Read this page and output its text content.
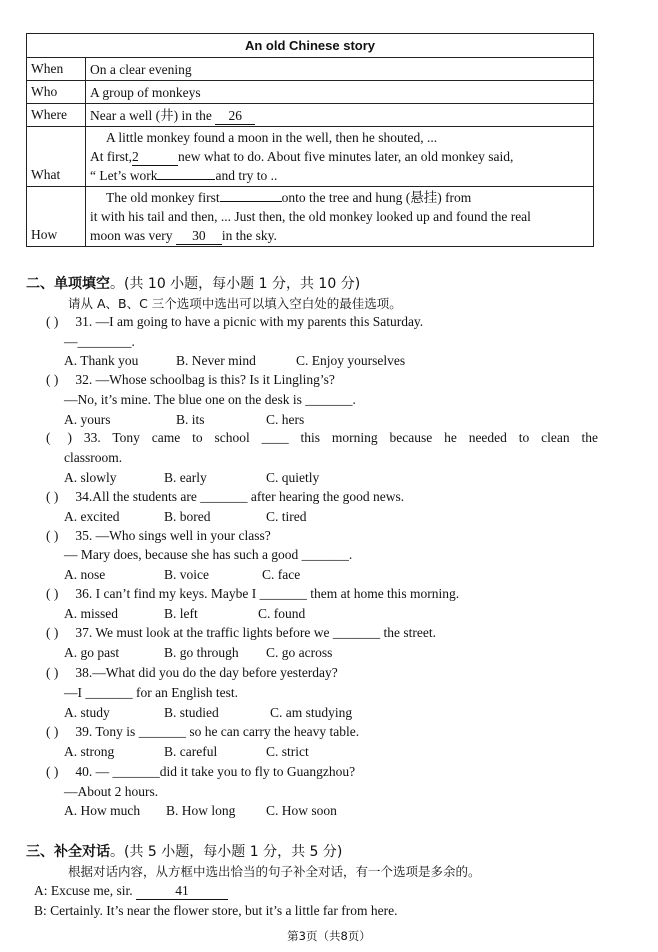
An old Chinese story	
When	On a clear evening
Who	A group of monkeys
Where	Near a well (井) in the 26
What	A little monkey found a moon in the well, then he shouted, ...
At first,2 new what to do. About five minutes later, an old monkey said,
“ Let’s work and try to ..

How	The old monkey first onto the tree and hung (悬挂) from
it with his tail and then, ... Just then, the old monkey looked up and found the real
moon was very 30 in the sky.
二、单项填空。(共 10 小题，每小题 1 分，共 10 分)
请从 A、B、C 三个选项中选出可以填入空白处的最佳选项。
( ) 31. —I am going to have a picnic with my parents this Saturday.
—________.
A. Thank you	B. Never mind	C. Enjoy yourselves
( ) 32. —Whose schoolbag is this? Is it Lingling’s?
—No, it’s mine. The blue one on the desk is _______.
A. yours	B. its	C. hers
( ) 33. Tony came to school ____ this morning because he needed to clean the
classroom.
A. slowly	B. early	C. quietly
( ) 34.All the students are _______ after hearing the good news.
A. excited	B. bored	C. tired
( ) 35. —Who sings well in your class?
— Mary does, because she has such a good _______.
A. nose	B. voice	C. face
( ) 36. I can’t find my keys. Maybe I _______ them at home this morning.
A. missed	B. left	C. found
( ) 37. We must look at the traffic lights before we _______ the street.
A. go past	B. go through C. go across
( ) 38.—What did you do the day before yesterday?
—I _______ for an English test.
A. study	B. studied	C. am studying
( ) 39. Tony is _______ so he can carry the heavy table.
A. strong	B. careful	C. strict
( ) 40. — _______did it take you to fly to Guangzhou?
—About 2 hours.
A. How much B. How long C. How soon
三、补全对话。(共 5 小题，每小题 1 分，共 5 分)
根据对话内容，从方框中选出恰当的句子补全对话，有一个选项是多余的。
A: Excuse me, sir.	41
B: Certainly. It’s near the flower store, but it’s a little far from here.
第3页（共8页）
